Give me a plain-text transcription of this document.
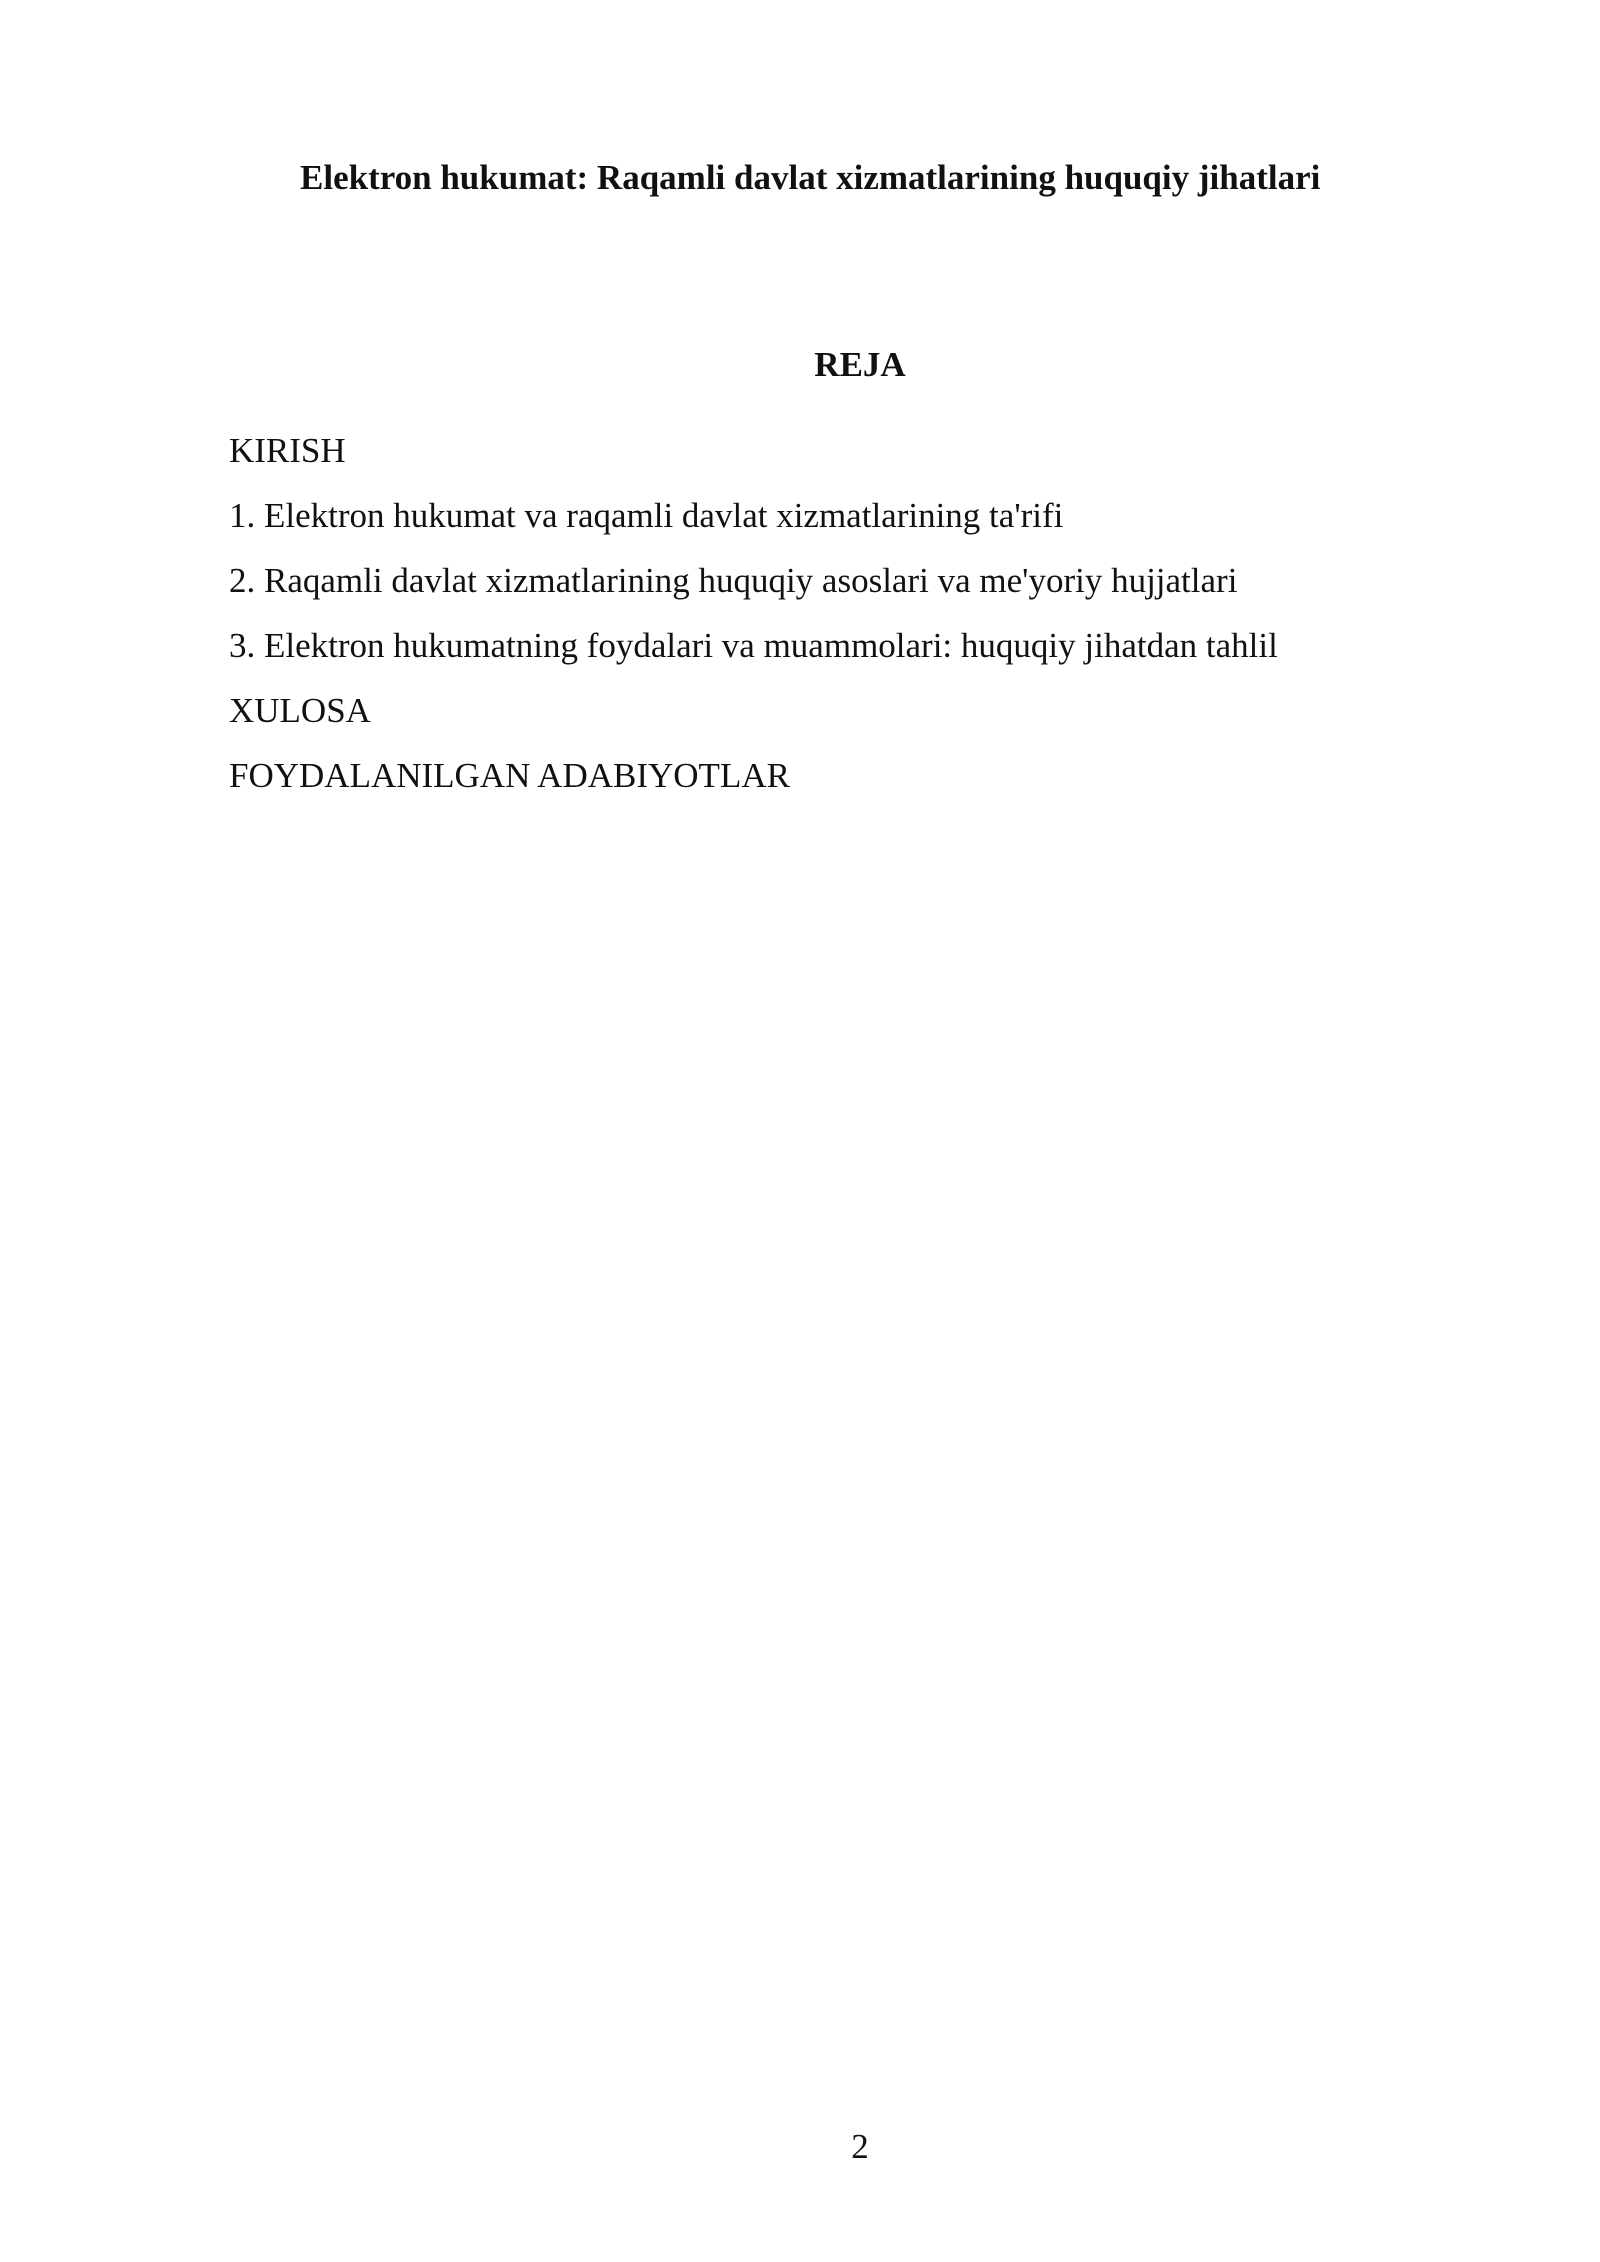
Elektron hukumat: Raqamli davlat xizmatlarining huquqiy jihatlari
REJA
KIRISH
1. Elektron hukumat va raqamli davlat xizmatlarining ta'rifi
2. Raqamli davlat xizmatlarining huquqiy asoslari va me'yoriy hujjatlari
3. Elektron hukumatning foydalari va muammolari: huquqiy jihatdan tahlil
XULOSA
FOYDALANILGAN ADABIYOTLAR
2
